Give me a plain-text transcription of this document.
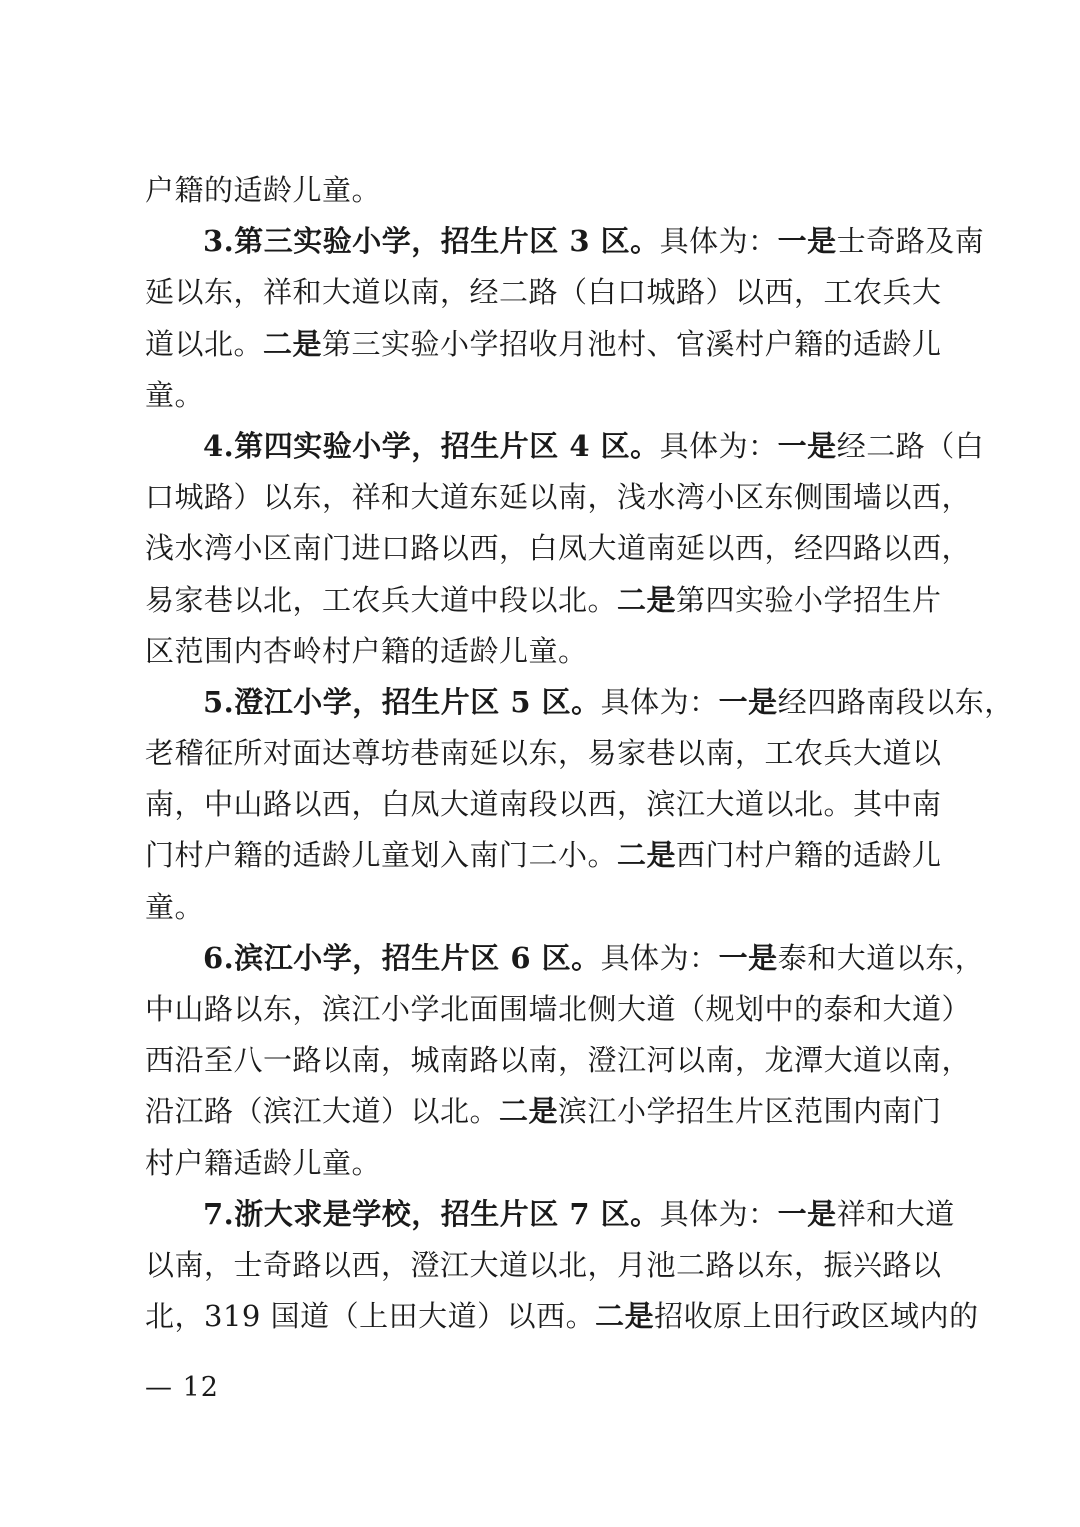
户籍的适龄儿童。
3.第三实验小学，招生片区 3 区。具体为：一是士奇路及南
延以东，祥和大道以南，经二路（白口城路）以西，工农兵大
道以北。二是第三实验小学招收月池村、官溪村户籍的适龄儿
童。
4.第四实验小学，招生片区 4 区。具体为：一是经二路（白
口城路）以东，祥和大道东延以南，浅水湾小区东侧围墙以西，
浅水湾小区南门进口路以西，白凤大道南延以西，经四路以西，
易家巷以北，工农兵大道中段以北。二是第四实验小学招生片
区范围内杏岭村户籍的适龄儿童。
5.澄江小学，招生片区 5 区。具体为：一是经四路南段以东，
老稽征所对面达尊坊巷南延以东，易家巷以南，工农兵大道以
南，中山路以西，白凤大道南段以西，滨江大道以北。其中南
门村户籍的适龄儿童划入南门二小。二是西门村户籍的适龄儿
童。
6.滨江小学，招生片区 6 区。具体为：一是泰和大道以东，
中山路以东，滨江小学北面围墙北侧大道（规划中的泰和大道）
西沿至八一路以南，城南路以南，澄江河以南，龙潭大道以南，
沿江路（滨江大道）以北。二是滨江小学招生片区范围内南门
村户籍适龄儿童。
7.浙大求是学校，招生片区 7 区。具体为：一是祥和大道
以南，士奇路以西，澄江大道以北，月池二路以东，振兴路以
北，319 国道（上田大道）以西。二是招收原上田行政区域内的
— 12
